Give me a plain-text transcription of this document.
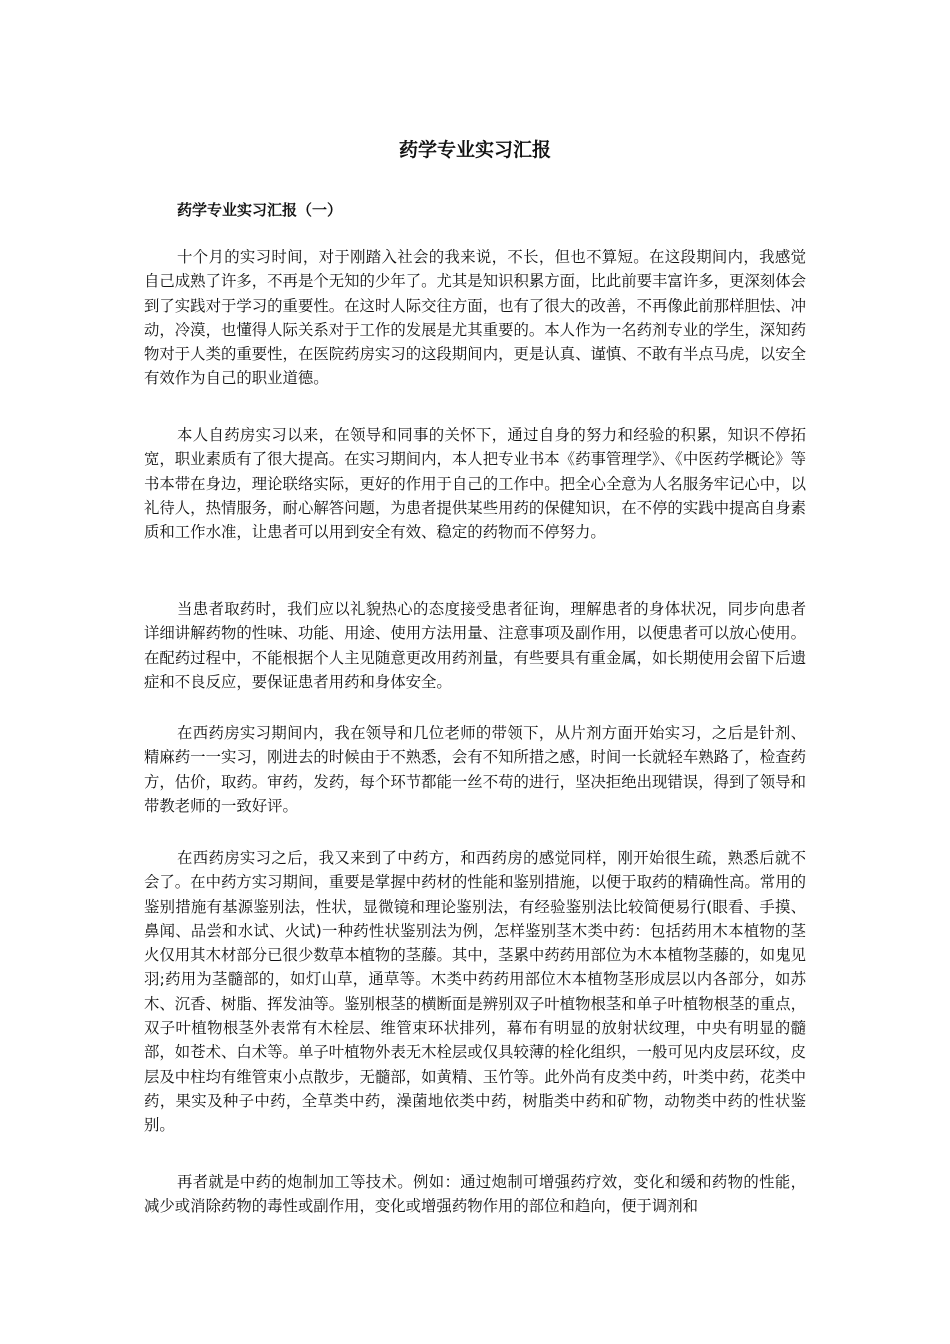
药学专业实习汇报
药学专业实习汇报（一）

十个月的实习时间，对于刚踏入社会的我来说，不长，但也不算短。在这段期间内，我感觉自己成熟了许多，不再是个无知的少年了。尤其是知识积累方面，比此前要丰富许多，更深刻体会到了实践对于学习的重要性。在这时人际交往方面，也有了很大的改善，不再像此前那样胆怯、冲动，冷漠，也懂得人际关系对于工作的发展是尤其重要的。本人作为一名药剂专业的学生，深知药物对于人类的重要性，在医院药房实习的这段期间内，更是认真、谨慎、不敢有半点马虎，以安全有效作为自己的职业道德。

本人自药房实习以来，在领导和同事的关怀下，通过自身的努力和经验的积累，知识不停拓宽，职业素质有了很大提高。在实习期间内，本人把专业书本《药事管理学》、《中医药学概论》等书本带在身边，理论联络实际，更好的作用于自己的工作中。把全心全意为人名服务牢记心中，以礼待人，热情服务，耐心解答问题，为患者提供某些用药的保健知识，在不停的实践中提高自身素质和工作水准，让患者可以用到安全有效、稳定的药物而不停努力。

当患者取药时，我们应以礼貌热心的态度接受患者征询，理解患者的身体状况，同步向患者详细讲解药物的性味、功能、用途、使用方法用量、注意事项及副作用，以便患者可以放心使用。在配药过程中，不能根据个人主见随意更改用药剂量，有些要具有重金属，如长期使用会留下后遗症和不良反应，要保证患者用药和身体安全。

在西药房实习期间内，我在领导和几位老师的带领下，从片剂方面开始实习，之后是针剂、精麻药一一实习，刚进去的时候由于不熟悉，会有不知所措之感，时间一长就轻车熟路了，检查药方，估价，取药。审药，发药，每个环节都能一丝不苟的进行，坚决拒绝出现错误，得到了领导和带教老师的一致好评。

在西药房实习之后，我又来到了中药方，和西药房的感觉同样，刚开始很生疏，熟悉后就不会了。在中药方实习期间，重要是掌握中药材的性能和鉴别措施，以便于取药的精确性高。常用的鉴别措施有基源鉴别法，性状，显微镜和理论鉴别法，有经验鉴别法比较简便易行(眼看、手摸、鼻闻、品尝和水试、火试)一种药性状鉴别法为例，怎样鉴别茎木类中药：包括药用木本植物的茎火仅用其木材部分已很少数草本植物的茎藤。其中，茎累中药药用部位为木本植物茎藤的，如鬼见羽;药用为茎髓部的，如灯山草，通草等。木类中药药用部位木本植物茎形成层以内各部分，如苏木、沉香、树脂、挥发油等。鉴别根茎的横断面是辨别双子叶植物根茎和单子叶植物根茎的重点，双子叶植物根茎外表常有木栓层、维管束环状排列，幕布有明显的放射状纹理，中央有明显的髓部，如苍术、白术等。单子叶植物外表无木栓层或仅具较薄的栓化组织，一般可见内皮层环纹，皮层及中柱均有维管束小点散步，无髓部，如黄精、玉竹等。此外尚有皮类中药，叶类中药，花类中药，果实及种子中药，全草类中药，澡菌地依类中药，树脂类中药和矿物，动物类中药的性状鉴别。

再者就是中药的炮制加工等技术。例如：通过炮制可增强药疗效，变化和缓和药物的性能，减少或消除药物的毒性或副作用，变化或增强药物作用的部位和趋向，便于调剂和
